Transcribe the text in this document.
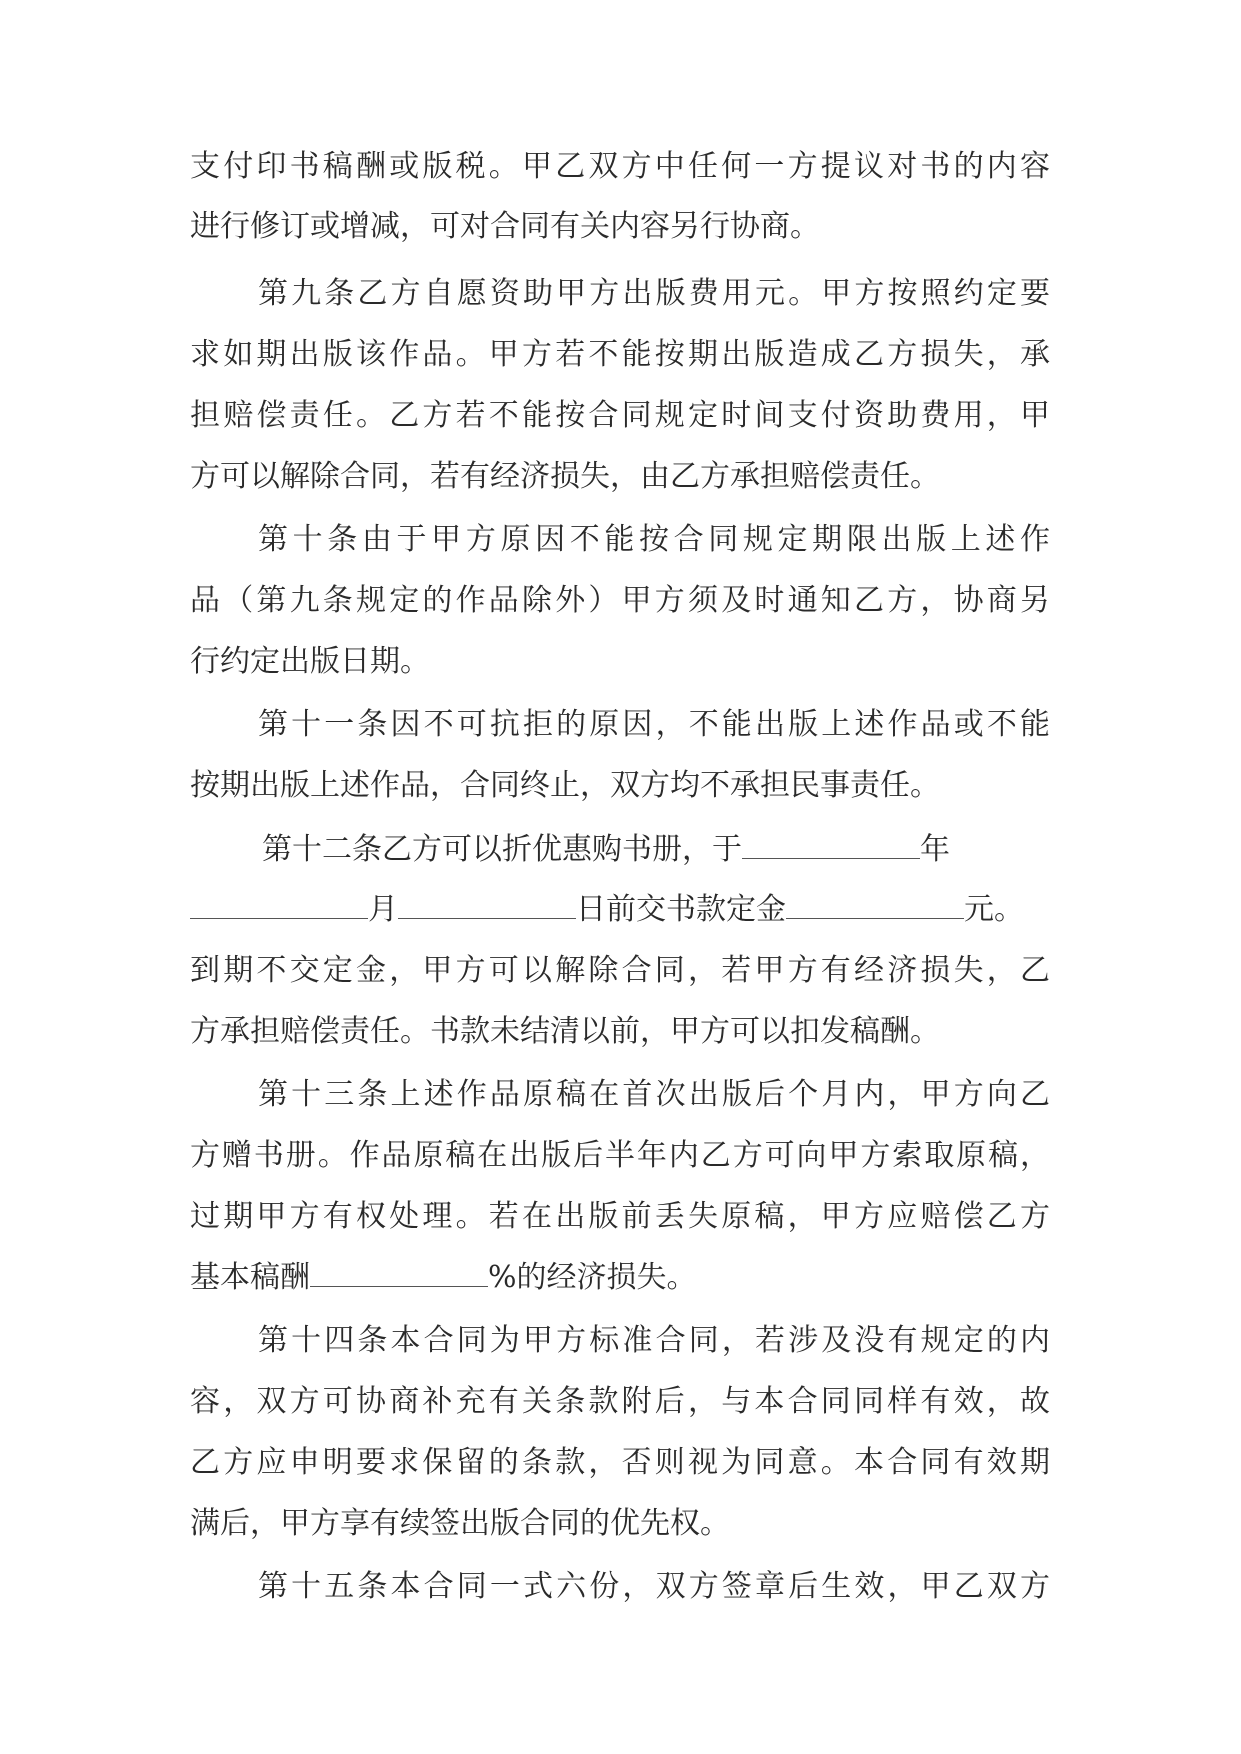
支付印书稿酬或版税。甲乙双方中任何一方提议对书的内容
进行修订或增减，可对合同有关内容另行协商。
第九条乙方自愿资助甲方出版费用元。甲方按照约定要
求如期出版该作品。甲方若不能按期出版造成乙方损失，承
担赔偿责任。乙方若不能按合同规定时间支付资助费用，甲
方可以解除合同，若有经济损失，由乙方承担赔偿责任。
第十条由于甲方原因不能按合同规定期限出版上述作
品（第九条规定的作品除外）甲方须及时通知乙方，协商另
行约定出版日期。
第十一条因不可抗拒的原因，不能出版上述作品或不能
按期出版上述作品，合同终止，双方均不承担民事责任。
第十二条乙方可以折优惠购书册，于	年
月	日前交书款定金	元。
到期不交定金，甲方可以解除合同，若甲方有经济损失，乙
方承担赔偿责任。书款未结清以前，甲方可以扣发稿酬。
第十三条上述作品原稿在首次出版后个月内，甲方向乙
方赠书册。作品原稿在出版后半年内乙方可向甲方索取原稿，
过期甲方有权处理。若在出版前丢失原稿，甲方应赔偿乙方
基本稿酬	%的经济损失。
第十四条本合同为甲方标准合同，若涉及没有规定的内
容，双方可协商补充有关条款附后，与本合同同样有效，故
乙方应申明要求保留的条款，否则视为同意。本合同有效期
满后，甲方享有续签出版合同的优先权。
第十五条本合同一式六份，双方签章后生效，甲乙双方
